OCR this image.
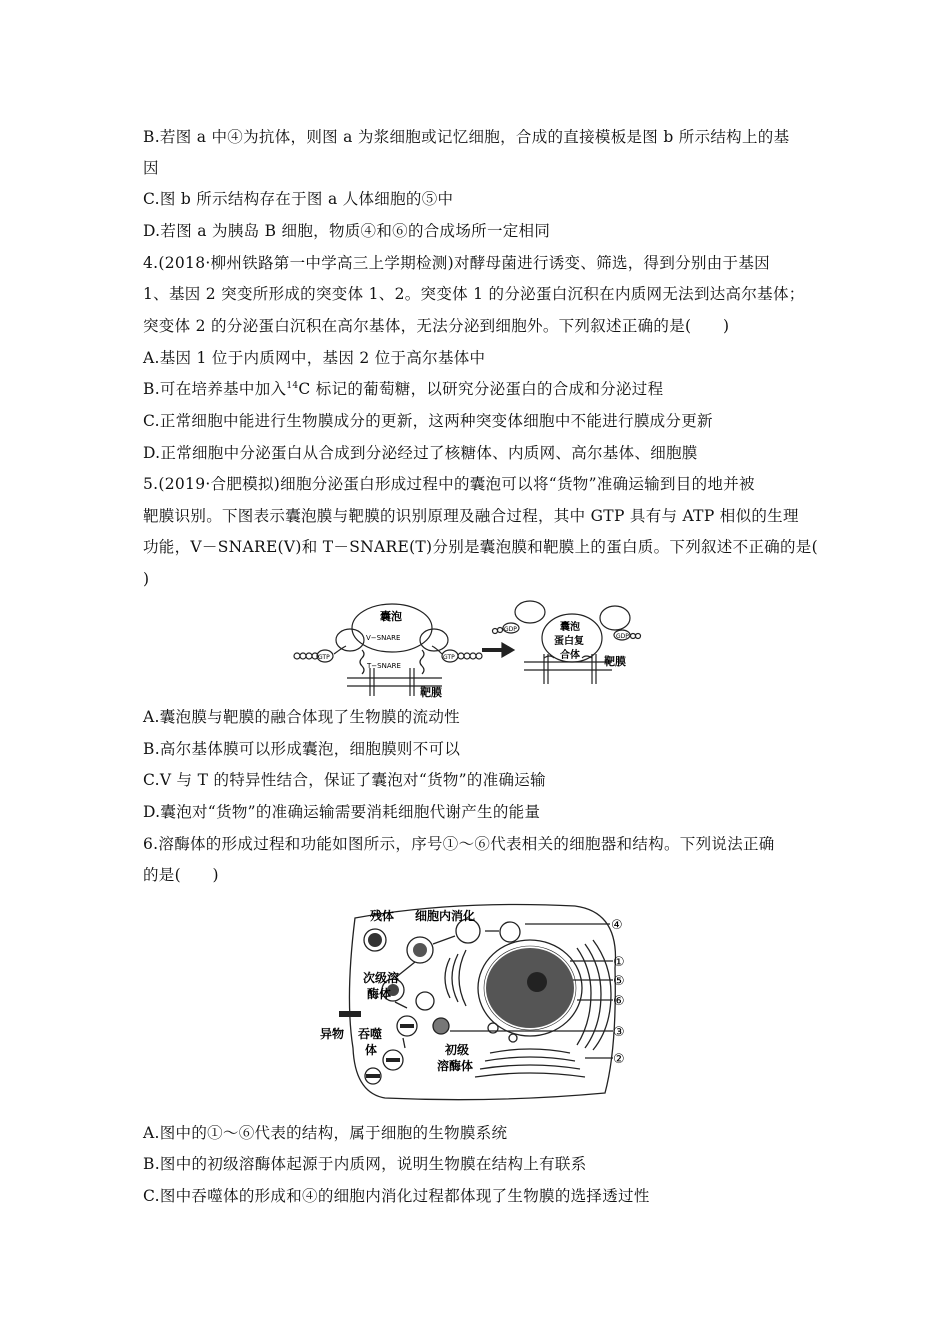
B.若图 a 中④为抗体，则图 a 为浆细胞或记忆细胞，合成的直接模板是图 b 所示结构上的基
因
C.图 b 所示结构存在于图 a 人体细胞的⑤中
D.若图 a 为胰岛 B 细胞，物质④和⑥的合成场所一定相同
4.(2018·柳州铁路第一中学高三上学期检测)对酵母菌进行诱变、筛选，得到分别由于基因
1、基因 2 突变所形成的突变体 1、2。突变体 1 的分泌蛋白沉积在内质网无法到达高尔基体；
突变体 2 的分泌蛋白沉积在高尔基体，无法分泌到细胞外。下列叙述正确的是(　　)
A.基因 1 位于内质网中，基因 2 位于高尔基体中
B.可在培养基中加入$^{14}$C 标记的葡萄糖，以研究分泌蛋白的合成和分泌过程
C.正常细胞中能进行生物膜成分的更新，这两种突变体细胞中不能进行膜成分更新
D.正常细胞中分泌蛋白从合成到分泌经过了核糖体、内质网、高尔基体、细胞膜
5.(2019·合肥模拟)细胞分泌蛋白形成过程中的囊泡可以将“货物”准确运输到目的地并被
靶膜识别。下图表示囊泡膜与靶膜的识别原理及融合过程，其中 GTP 具有与 ATP 相似的生理
功能，V－SNARE(V)和 T－SNARE(T)分别是囊泡膜和靶膜上的蛋白质。下列叙述不正确的是(
)
囊泡
V−SNARE
GTP	GTP
T−SNARE
靶膜
GDP
GDP
囊泡
蛋白复
合体 靶膜
A.囊泡膜与靶膜的融合体现了生物膜的流动性
B.高尔基体膜可以形成囊泡，细胞膜则不可以
C.V 与 T 的特异性结合，保证了囊泡对“货物”的准确运输
D.囊泡对“货物”的准确运输需要消耗细胞代谢产生的能量
6.溶酶体的形成过程和功能如图所示，序号①～⑥代表相关的细胞器和结构。下列说法正确
的是(　　)
残体 细胞内消化
次级溶
酶体
异物 吞噬
体	初级
溶酶体
④
①
⑤
⑥
③
②
A.图中的①～⑥代表的结构，属于细胞的生物膜系统
B.图中的初级溶酶体起源于内质网，说明生物膜在结构上有联系
C.图中吞噬体的形成和④的细胞内消化过程都体现了生物膜的选择透过性
